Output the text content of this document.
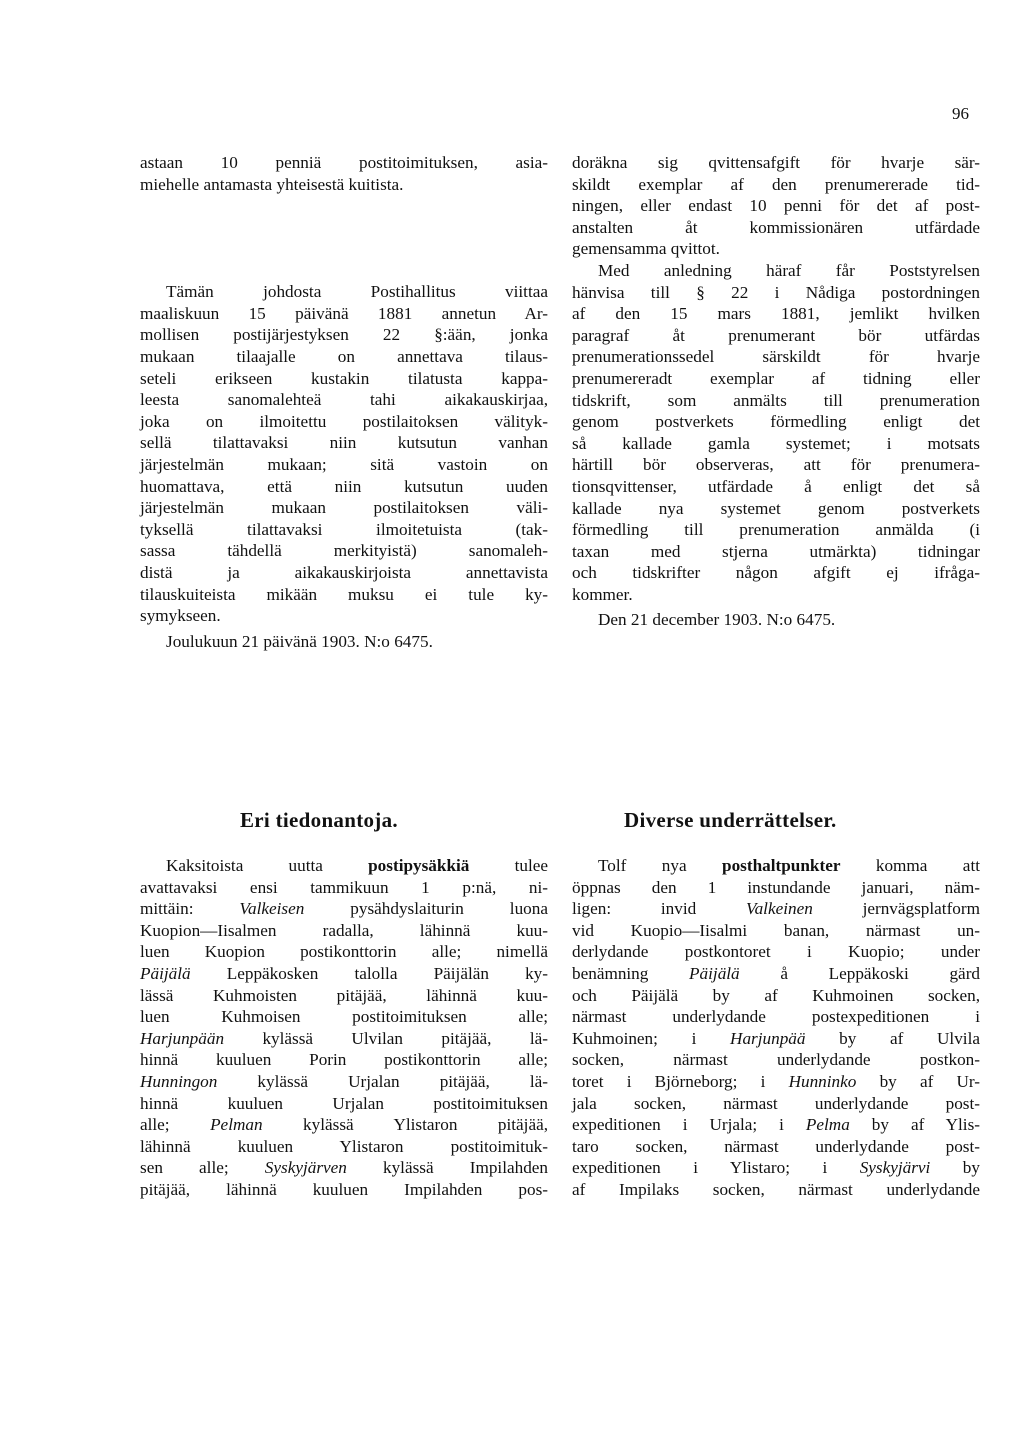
96

astaan 10 penniä postitoimituksen, asia-
miehelle antamasta yhteisestä kuitista.

Tämän johdosta Postihallitus viittaa
maaliskuun 15 päivänä 1881 annetun Ar-
mollisen postijärjestyksen 22 §:ään, jonka
mukaan tilaajalle on annettava tilaus-
seteli erikseen kustakin tilatusta kappa-
leesta sanomalehteä tahi aikakauskirjaa,
joka on ilmoitettu postilaitoksen välityk-
sellä tilattavaksi niin kutsutun vanhan
järjestelmän mukaan; sitä vastoin on
huomattava, että niin kutsutun uuden
järjestelmän mukaan postilaitoksen väli-
tyksellä tilattavaksi ilmoitetuista (tak-
sassa tähdellä merkityistä) sanomaleh-
distä ja aikakauskirjoista annettavista
tilauskuiteista mikään muksu ei tule ky-
symykseen.

Joulukuun 21 päivänä 1903. N:o 6475.

doräkna sig qvittensafgift för hvarje sär-
skildt exemplar af den prenumererade tid-
ningen, eller endast 10 penni för det af post-
anstalten åt kommissionären utfärdade
gemensamma qvittot.

Med anledning häraf får Poststyrelsen
hänvisa till § 22 i Nådiga postordningen
af den 15 mars 1881, jemlikt hvilken
paragraf åt prenumerant bör utfärdas
prenumerationssedel särskildt för hvarje
prenumereradt exemplar af tidning eller
tidskrift, som anmälts till prenumeration
genom postverkets förmedling enligt det
så kallade gamla systemet; i motsats
härtill bör observeras, att för prenumera-
tionsqvittenser, utfärdade å enligt det så
kallade nya systemet genom postverkets
förmedling till prenumeration anmälda (i
taxan med stjerna utmärkta) tidningar
och tidskrifter någon afgift ej ifråga-
kommer.

Den 21 december 1903. N:o 6475.

Eri tiedonantoja.	Diverse underrättelser.

Kaksitoista uutta postipysäkkiä tulee
avattavaksi ensi tammikuun 1 p:nä, ni-
mittäin: Valkeisen pysähdyslaiturin luona
Kuopion—Iisalmen radalla, lähinnä kuu-
luen Kuopion postikonttorin alle; nimellä
Päijälä Leppäkosken talolla Päijälän ky-
lässä Kuhmoisten pitäjää, lähinnä kuu-
luen Kuhmoisen postitoimituksen alle;
Harjunpään kylässä Ulvilan pitäjää, lä-
hinnä kuuluen Porin postikonttorin alle;
Hunningon kylässä Urjalan pitäjää, lä-
hinnä kuuluen Urjalan postitoimituksen
alle; Pelman kylässä Ylistaron pitäjää,
lähinnä kuuluen Ylistaron postitoimituk-
sen alle; Syskyjärven kylässä Impilahden
pitäjää, lähinnä kuuluen Impilahden pos-

Tolf nya posthaltpunkter komma att
öppnas den 1 instundande januari, näm-
ligen: invid Valkeinen jernvägsplatform
vid Kuopio—Iisalmi banan, närmast un-
derlydande postkontoret i Kuopio; under
benämning Päijälä å Leppäkoski gärd
och Päijälä by af Kuhmoinen socken,
närmast underlydande postexpeditionen i
Kuhmoinen; i Harjunpää by af Ulvila
socken, närmast underlydande postkon-
toret i Björneborg; i Hunninko by af Ur-
jala socken, närmast underlydande post-
expeditionen i Urjala; i Pelma by af Ylis-
taro socken, närmast underlydande post-
expeditionen i Ylistaro; i Syskyjärvi by
af Impilaks socken, närmast underlydande
